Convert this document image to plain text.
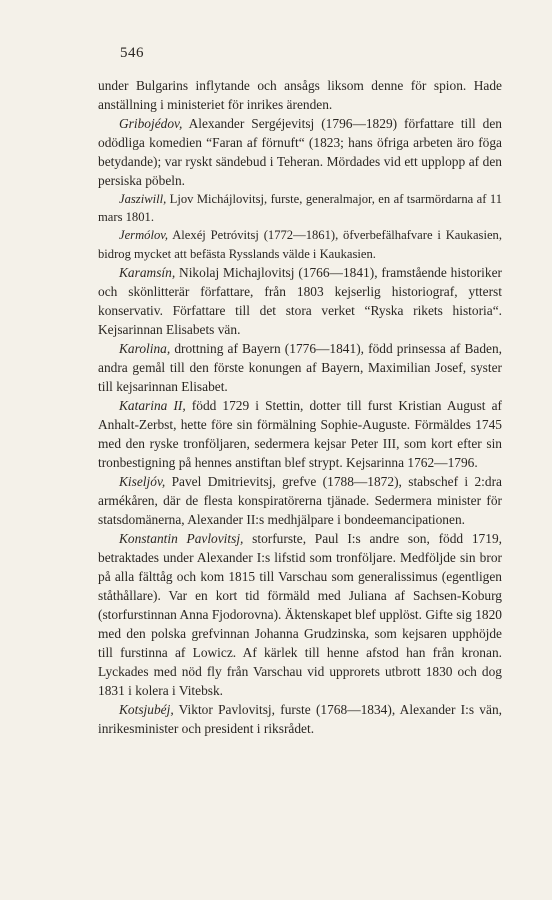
546

under Bulgarins inflytande och ansågs liksom denne för spion. Hade anställning i ministeriet för inrikes ärenden.

Gribojédov, Alexander Sergéjevitsj (1796—1829) författare till den odödliga komedien “Faran af förnuft“ (1823; hans öfriga arbeten äro föga betydande); var ryskt sändebud i Teheran. Mördades vid ett upplopp af den persiska pöbeln.

Jasziwill, Ljov Michájlovitsj, furste, generalmajor, en af tsarmördarna af 11 mars 1801.

Jermólov, Alexéj Petróvitsj (1772—1861), öfverbefälhafvare i Kaukasien, bidrog mycket att befästa Rysslands välde i Kaukasien.

Karamsín, Nikolaj Michajlovitsj (1766—1841), framstående historiker och skönlitterär författare, från 1803 kejserlig historiograf, ytterst konservativ. Författare till det stora verket “Ryska rikets historia“. Kejsarinnan Elisabets vän.

Karolina, drottning af Bayern (1776—1841), född prinsessa af Baden, andra gemål till den förste konungen af Bayern, Maximilian Josef, syster till kejsarinnan Elisabet.

Katarina II, född 1729 i Stettin, dotter till furst Kristian August af Anhalt-Zerbst, hette före sin förmälning Sophie-Auguste. Förmäldes 1745 med den ryske tronföljaren, sedermera kejsar Peter III, som kort efter sin tronbestigning på hennes anstiftan blef strypt. Kejsarinna 1762—1796.

Kiseljóv, Pavel Dmitrievitsj, grefve (1788—1872), stabschef i 2:dra armékåren, där de flesta konspiratörerna tjänade. Sedermera minister för statsdomänerna, Alexander II:s medhjälpare i bondeemancipationen.

Konstantin Pavlovitsj, storfurste, Paul I:s andre son, född 1719, betraktades under Alexander I:s lifstid som tronföljare. Medföljde sin bror på alla fälttåg och kom 1815 till Varschau som generalissimus (egentligen ståthållare). Var en kort tid förmäld med Juliana af Sachsen-Koburg (storfurstinnan Anna Fjodorovna). Äktenskapet blef upplöst. Gifte sig 1820 med den polska grefvinnan Johanna Grudzinska, som kejsaren upphöjde till furstinna af Lowicz. Af kärlek till henne afstod han från kronan. Lyckades med nöd fly från Varschau vid upprorets utbrott 1830 och dog 1831 i kolera i Vitebsk.

Kotsjubéj, Viktor Pavlovitsj, furste (1768—1834), Alexander I:s vän, inrikesminister och president i riksrådet.
